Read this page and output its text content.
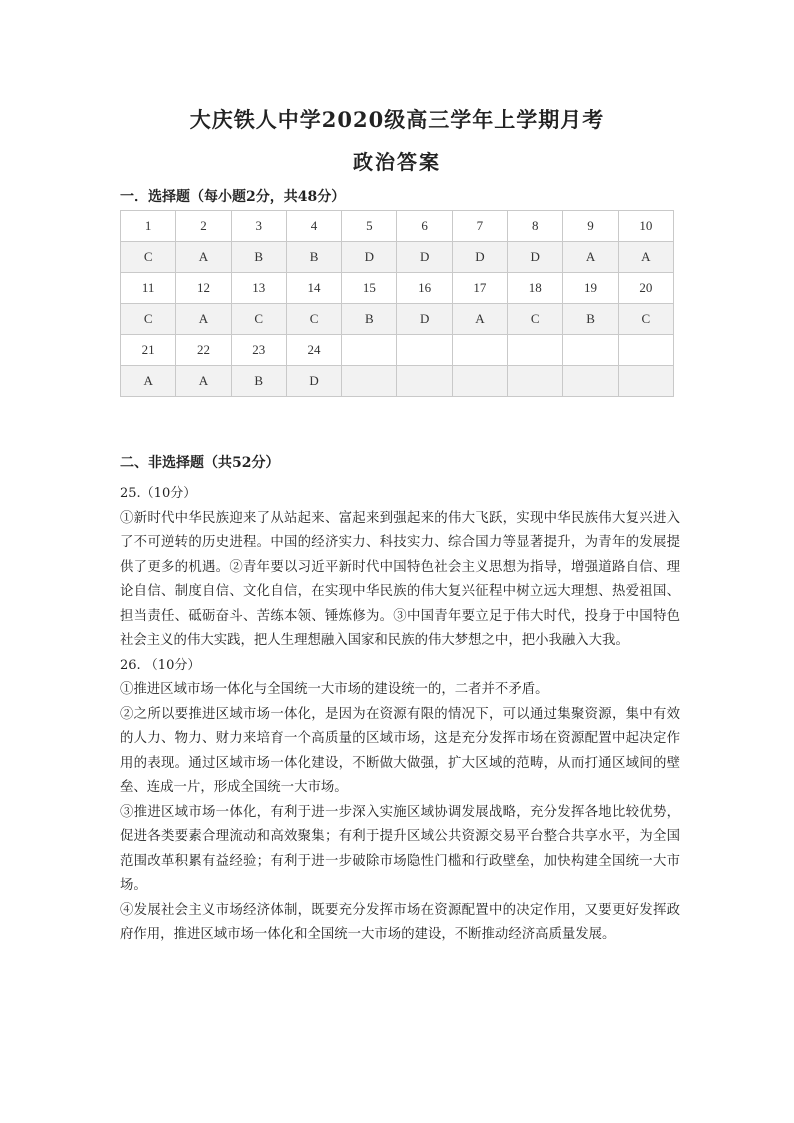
大庆铁人中学2020级高三学年上学期月考
政治答案
一．选择题（每小题2分，共48分）
1	2	3	4	5	6	7	8	9	10
C	A	B	B	D	D	D	D	A	A
11	12	13	14	15	16	17	18	19	20
C	A	C	C	B	D	A	C	B	C
21	22	23	24						
A	A	B	D						
二、非选择题（共52分）

25.（10分）

①新时代中华民族迎来了从站起来、富起来到强起来的伟大飞跃，实现中华民族伟大复兴进入了不可逆转的历史进程。中国的经济实力、科技实力、综合国力等显著提升，为青年的发展提供了更多的机遇。②青年要以习近平新时代中国特色社会主义思想为指导，增强道路自信、理论自信、制度自信、文化自信，在实现中华民族的伟大复兴征程中树立远大理想、热爱祖国、担当责任、砥砺奋斗、苦练本领、锤炼修为。③中国青年要立足于伟大时代，投身于中国特色社会主义的伟大实践，把人生理想融入国家和民族的伟大梦想之中，把小我融入大我。

26. （10分）

①推进区域市场一体化与全国统一大市场的建设统一的，二者并不矛盾。

②之所以要推进区域市场一体化，是因为在资源有限的情况下，可以通过集聚资源，集中有效的人力、物力、财力来培育一个高质量的区域市场，这是充分发挥市场在资源配置中起决定作用的表现。通过区域市场一体化建设，不断做大做强，扩大区域的范畴，从而打通区域间的壁垒、连成一片，形成全国统一大市场。

③推进区域市场一体化，有利于进一步深入实施区域协调发展战略，充分发挥各地比较优势，促进各类要素合理流动和高效聚集；有利于提升区域公共资源交易平台整合共享水平，为全国范围改革积累有益经验；有利于进一步破除市场隐性门槛和行政壁垒，加快构建全国统一大市场。

④发展社会主义市场经济体制，既要充分发挥市场在资源配置中的决定作用，又要更好发挥政府作用，推进区域市场一体化和全国统一大市场的建设，不断推动经济高质量发展。
